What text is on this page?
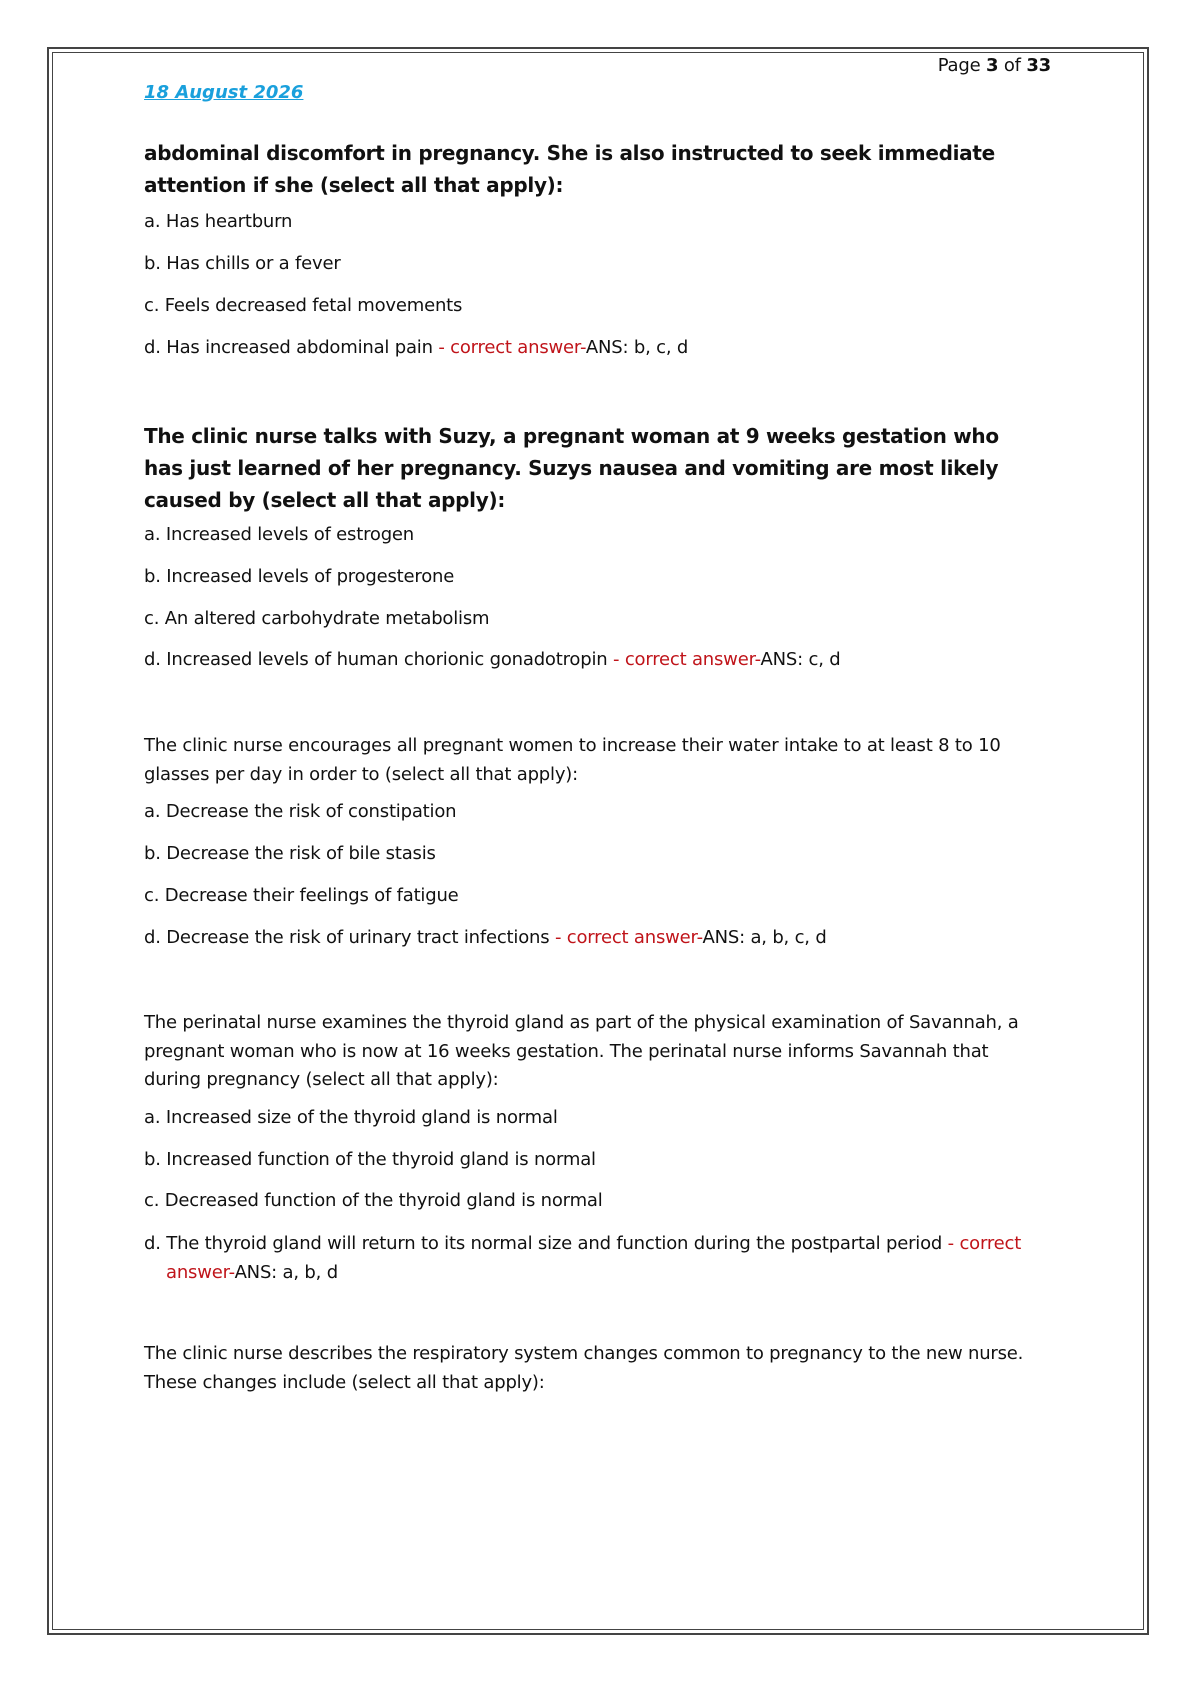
Page 3 of 33
18 August 2026
abdominal discomfort in pregnancy. She is also instructed to seek immediate attention if she (select all that apply):
a. Has heartburn
b. Has chills or a fever
c. Feels decreased fetal movements
d. Has increased abdominal pain - correct answer-ANS: b, c, d
The clinic nurse talks with Suzy, a pregnant woman at 9 weeks gestation who has just learned of her pregnancy. Suzys nausea and vomiting are most likely caused by (select all that apply):
a. Increased levels of estrogen
b. Increased levels of progesterone
c. An altered carbohydrate metabolism
d. Increased levels of human chorionic gonadotropin - correct answer-ANS: c, d
The clinic nurse encourages all pregnant women to increase their water intake to at least 8 to 10 glasses per day in order to (select all that apply):
a. Decrease the risk of constipation
b. Decrease the risk of bile stasis
c. Decrease their feelings of fatigue
d. Decrease the risk of urinary tract infections - correct answer-ANS: a, b, c, d
The perinatal nurse examines the thyroid gland as part of the physical examination of Savannah, a pregnant woman who is now at 16 weeks gestation. The perinatal nurse informs Savannah that during pregnancy (select all that apply):
a. Increased size of the thyroid gland is normal
b. Increased function of the thyroid gland is normal
c. Decreased function of the thyroid gland is normal
d. The thyroid gland will return to its normal size and function during the postpartal period - correct answer-ANS: a, b, d
The clinic nurse describes the respiratory system changes common to pregnancy to the new nurse. These changes include (select all that apply):
